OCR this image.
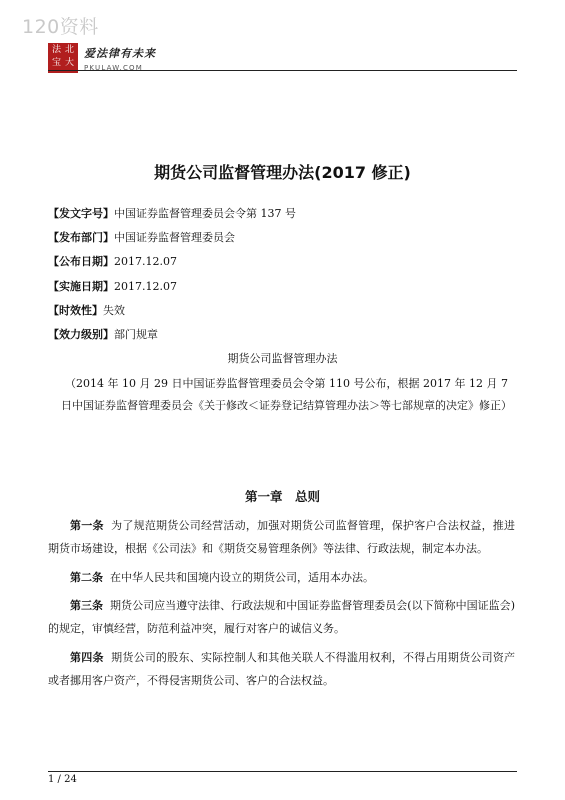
120资料
法 北
宝 大
爱法律有未来
PKULAW.COM
期货公司监督管理办法(2017 修正)
【发文字号】中国证券监督管理委员会令第 137 号
【发布部门】中国证券监督管理委员会
【公布日期】2017.12.07
【实施日期】2017.12.07
【时效性】失效
【效力级别】部门规章
期货公司监督管理办法
（2014 年 10 月 29 日中国证券监督管理委员会令第 110 号公布，根据 2017 年 12 月 7 日中国证券监督管理委员会《关于修改＜证券登记结算管理办法＞等七部规章的决定》修正）
第一章　总则

第一条 为了规范期货公司经营活动，加强对期货公司监督管理，保护客户合法权益，推进期货市场建设，根据《公司法》和《期货交易管理条例》等法律、行政法规，制定本办法。

第二条 在中华人民共和国境内设立的期货公司，适用本办法。

第三条 期货公司应当遵守法律、行政法规和中国证券监督管理委员会(以下简称中国证监会)的规定，审慎经营，防范利益冲突，履行对客户的诚信义务。

第四条 期货公司的股东、实际控制人和其他关联人不得滥用权利，不得占用期货公司资产或者挪用客户资产，不得侵害期货公司、客户的合法权益。

1 / 24
